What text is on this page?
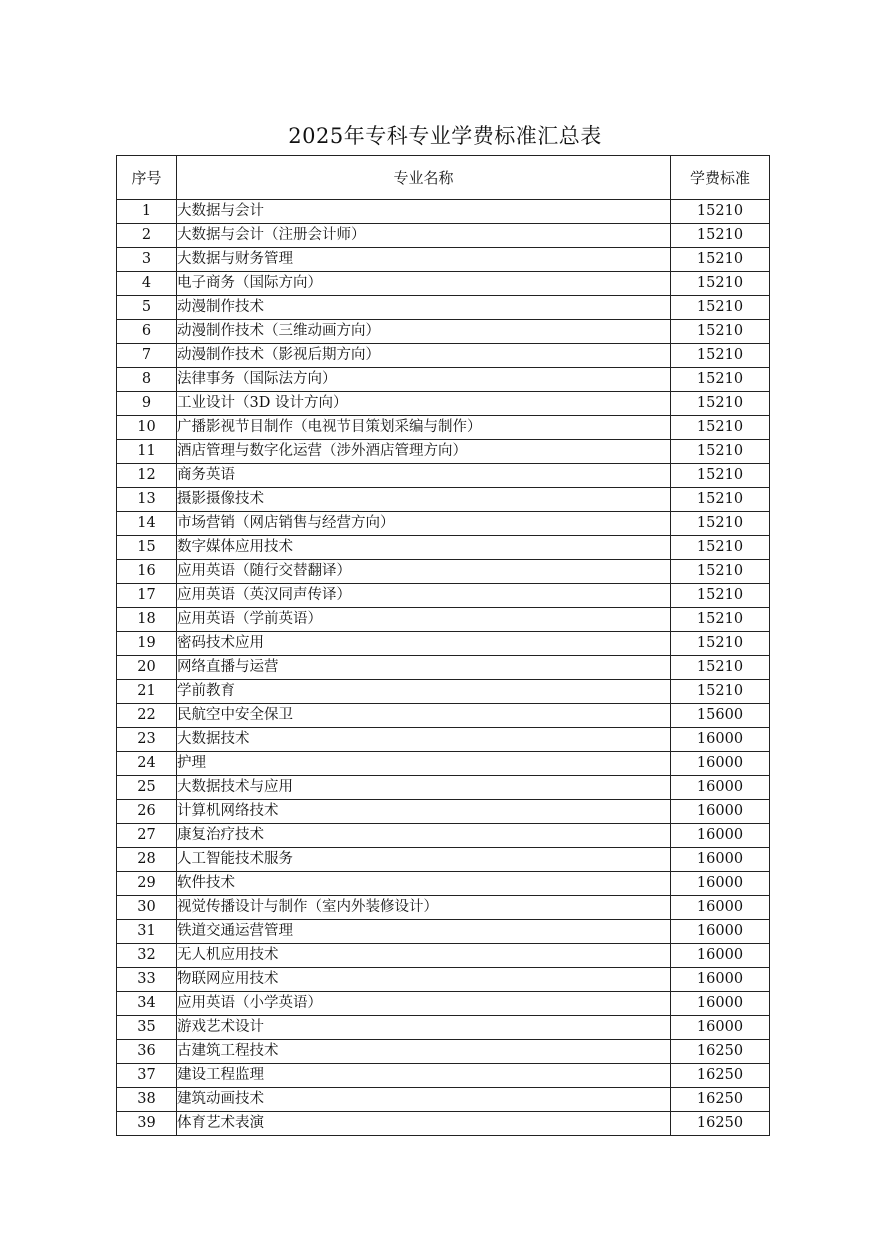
2025年专科专业学费标准汇总表
序号	专业名称	学费标准
1	大数据与会计	15210
2	大数据与会计（注册会计师）	15210
3	大数据与财务管理	15210
4	电子商务（国际方向）	15210
5	动漫制作技术	15210
6	动漫制作技术（三维动画方向）	15210
7	动漫制作技术（影视后期方向）	15210
8	法律事务（国际法方向）	15210
9	工业设计（3D 设计方向）	15210
10	广播影视节目制作（电视节目策划采编与制作）	15210
11	酒店管理与数字化运营（涉外酒店管理方向）	15210
12	商务英语	15210
13	摄影摄像技术	15210
14	市场营销（网店销售与经营方向）	15210
15	数字媒体应用技术	15210
16	应用英语（随行交替翻译）	15210
17	应用英语（英汉同声传译）	15210
18	应用英语（学前英语）	15210
19	密码技术应用	15210
20	网络直播与运营	15210
21	学前教育	15210
22	民航空中安全保卫	15600
23	大数据技术	16000
24	护理	16000
25	大数据技术与应用	16000
26	计算机网络技术	16000
27	康复治疗技术	16000
28	人工智能技术服务	16000
29	软件技术	16000
30	视觉传播设计与制作（室内外装修设计）	16000
31	铁道交通运营管理	16000
32	无人机应用技术	16000
33	物联网应用技术	16000
34	应用英语（小学英语）	16000
35	游戏艺术设计	16000
36	古建筑工程技术	16250
37	建设工程监理	16250
38	建筑动画技术	16250
39	体育艺术表演	16250
